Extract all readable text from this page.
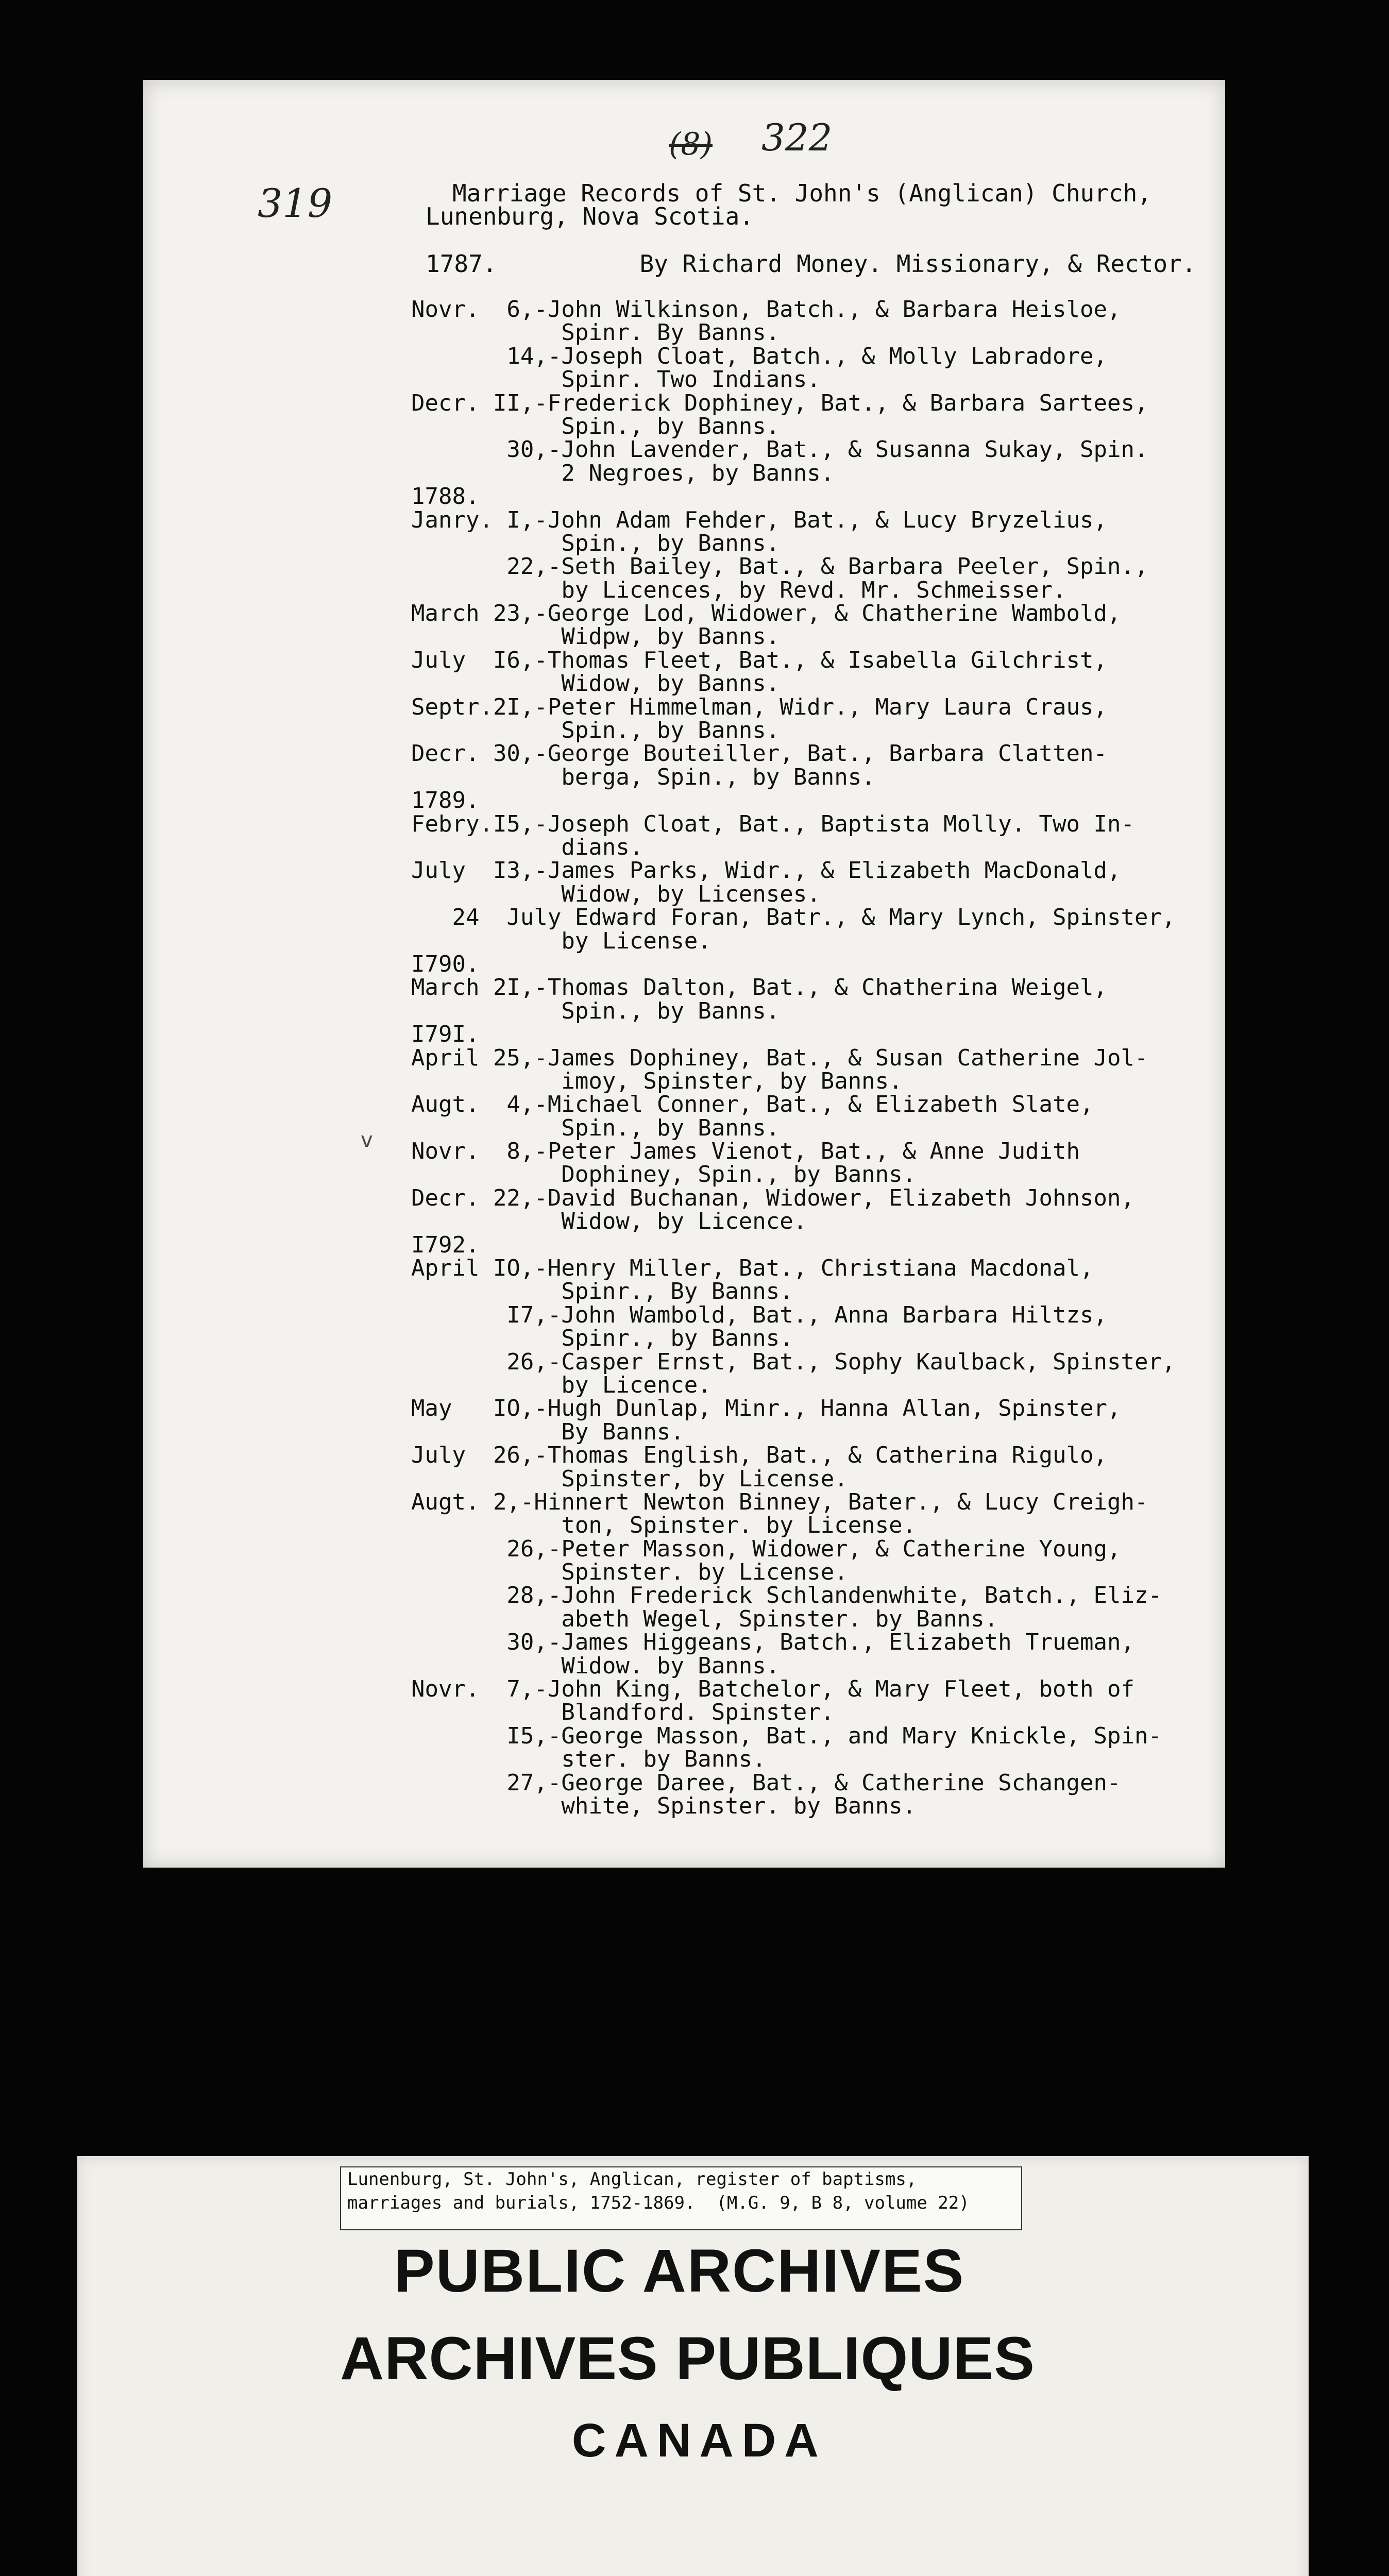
(8) 322
319	Marriage Records of St. John's (Anglican) Church,
Lunenburg, Nova Scotia.
1787.	By Richard Money. Missionary, & Rector.
Novr.  6,-John Wilkinson, Batch., & Barbara Heisloe,
Spinr. By Banns.
14,-Joseph Cloat, Batch., & Molly Labradore,
Spinr. Two Indians.
Decr. II,-Frederick Dophiney, Bat., & Barbara Sartees,
Spin., by Banns.
30,-John Lavender, Bat., & Susanna Sukay, Spin.
2 Negroes, by Banns.
1788.
Janry. I,-John Adam Fehder, Bat., & Lucy Bryzelius,
Spin., by Banns.
22,-Seth Bailey, Bat., & Barbara Peeler, Spin.,
by Licences, by Revd. Mr. Schmeisser.
March 23,-George Lod, Widower, & Chatherine Wambold,
Widpw, by Banns.
July  I6,-Thomas Fleet, Bat., & Isabella Gilchrist,
Widow, by Banns.
Septr.2I,-Peter Himmelman, Widr., Mary Laura Craus,
Spin., by Banns.
Decr. 30,-George Bouteiller, Bat., Barbara Clatten-
berga, Spin., by Banns.
1789.
Febry.I5,-Joseph Cloat, Bat., Baptista Molly. Two In-
dians.
July  I3,-James Parks, Widr., & Elizabeth MacDonald,
Widow, by Licenses.
24  July Edward Foran, Batr., & Mary Lynch, Spinster,
by License.
I790.
March 2I,-Thomas Dalton, Bat., & Chatherina Weigel,
Spin., by Banns.
I79I.
April 25,-James Dophiney, Bat., & Susan Catherine Jol-
imoy, Spinster, by Banns.
Augt.  4,-Michael Conner, Bat., & Elizabeth Slate,
Spin., by Banns.
Novr.  8,-Peter James Vienot, Bat., & Anne Judith
Dophiney, Spin., by Banns.
Decr. 22,-David Buchanan, Widower, Elizabeth Johnson,
Widow, by Licence.
I792.
April IO,-Henry Miller, Bat., Christiana Macdonal,
Spinr., By Banns.
I7,-John Wambold, Bat., Anna Barbara Hiltzs,
Spinr., by Banns.
26,-Casper Ernst, Bat., Sophy Kaulback, Spinster,
by Licence.
May   IO,-Hugh Dunlap, Minr., Hanna Allan, Spinster,
By Banns.
July  26,-Thomas English, Bat., & Catherina Rigulo,
Spinster, by License.
Augt. 2,-Hinnert Newton Binney, Bater., & Lucy Creigh-
ton, Spinster. by License.
26,-Peter Masson, Widower, & Catherine Young,
Spinster. by License.
28,-John Frederick Schlandenwhite, Batch., Eliz-
abeth Wegel, Spinster. by Banns.
30,-James Higgeans, Batch., Elizabeth Trueman,
Widow. by Banns.
Novr.  7,-John King, Batchelor, & Mary Fleet, both of
Blandford. Spinster.
I5,-George Masson, Bat., and Mary Knickle, Spin-
ster. by Banns.
27,-George Daree, Bat., & Catherine Schangen-
white, Spinster. by Banns.
v
Lunenburg, St. John's, Anglican, register of baptisms,
marriages and burials, 1752-1869.  (M.G. 9, B 8, volume 22)
PUBLIC ARCHIVES
ARCHIVES PUBLIQUES
CANADA
